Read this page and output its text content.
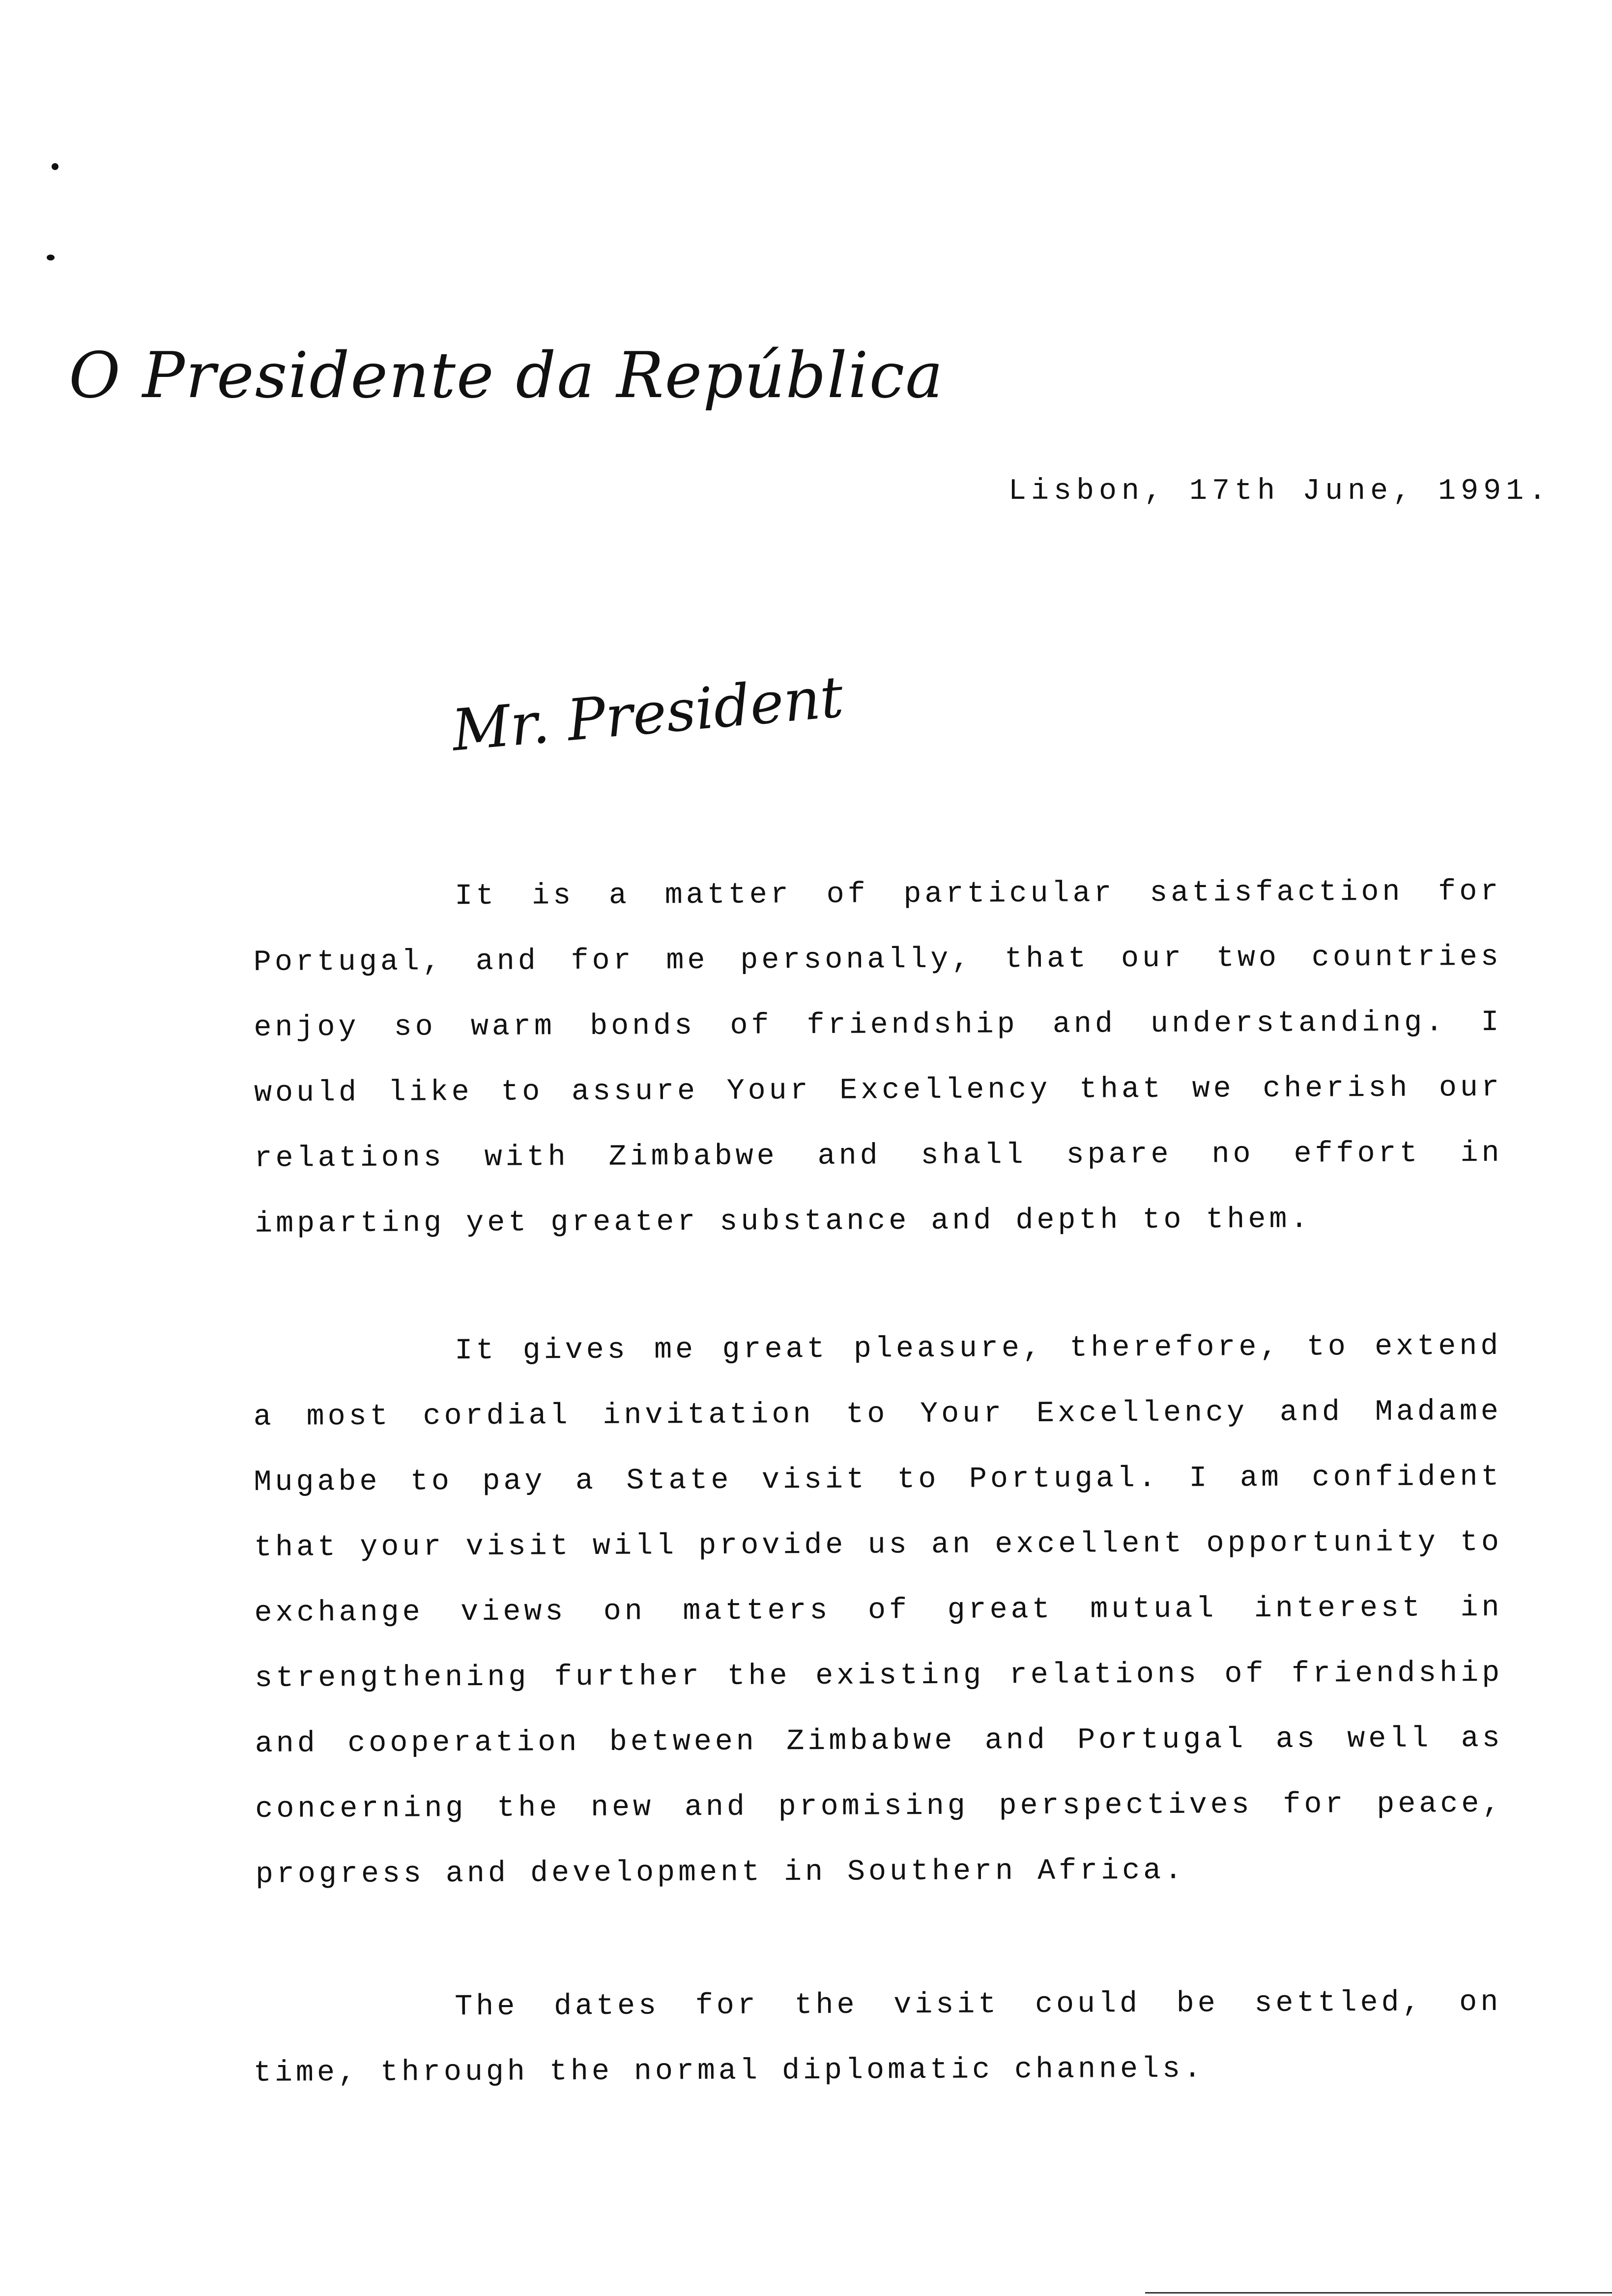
O Presidente da República
Lisbon, 17th June, 1991.
Mr. President

It is a matter of particular satisfaction for Portugal, and for me personally, that our two countries enjoy so warm bonds of friendship and understanding. I would like to assure Your Excellency that we cherish our relations with Zimbabwe and shall spare no effort in imparting yet greater substance and depth to them.

It gives me great pleasure, therefore, to extend a most cordial invitation to Your Excellency and Madame Mugabe to pay a State visit to Portugal. I am confident that your visit will provide us an excellent opportunity to exchange views on matters of great mutual interest in strengthening further the existing relations of friendship and cooperation between Zimbabwe and Portugal as well as concerning the new and promising perspectives for peace, progress and development in Southern Africa.

The dates for the visit could be settled, on time, through the normal diplomatic channels.
